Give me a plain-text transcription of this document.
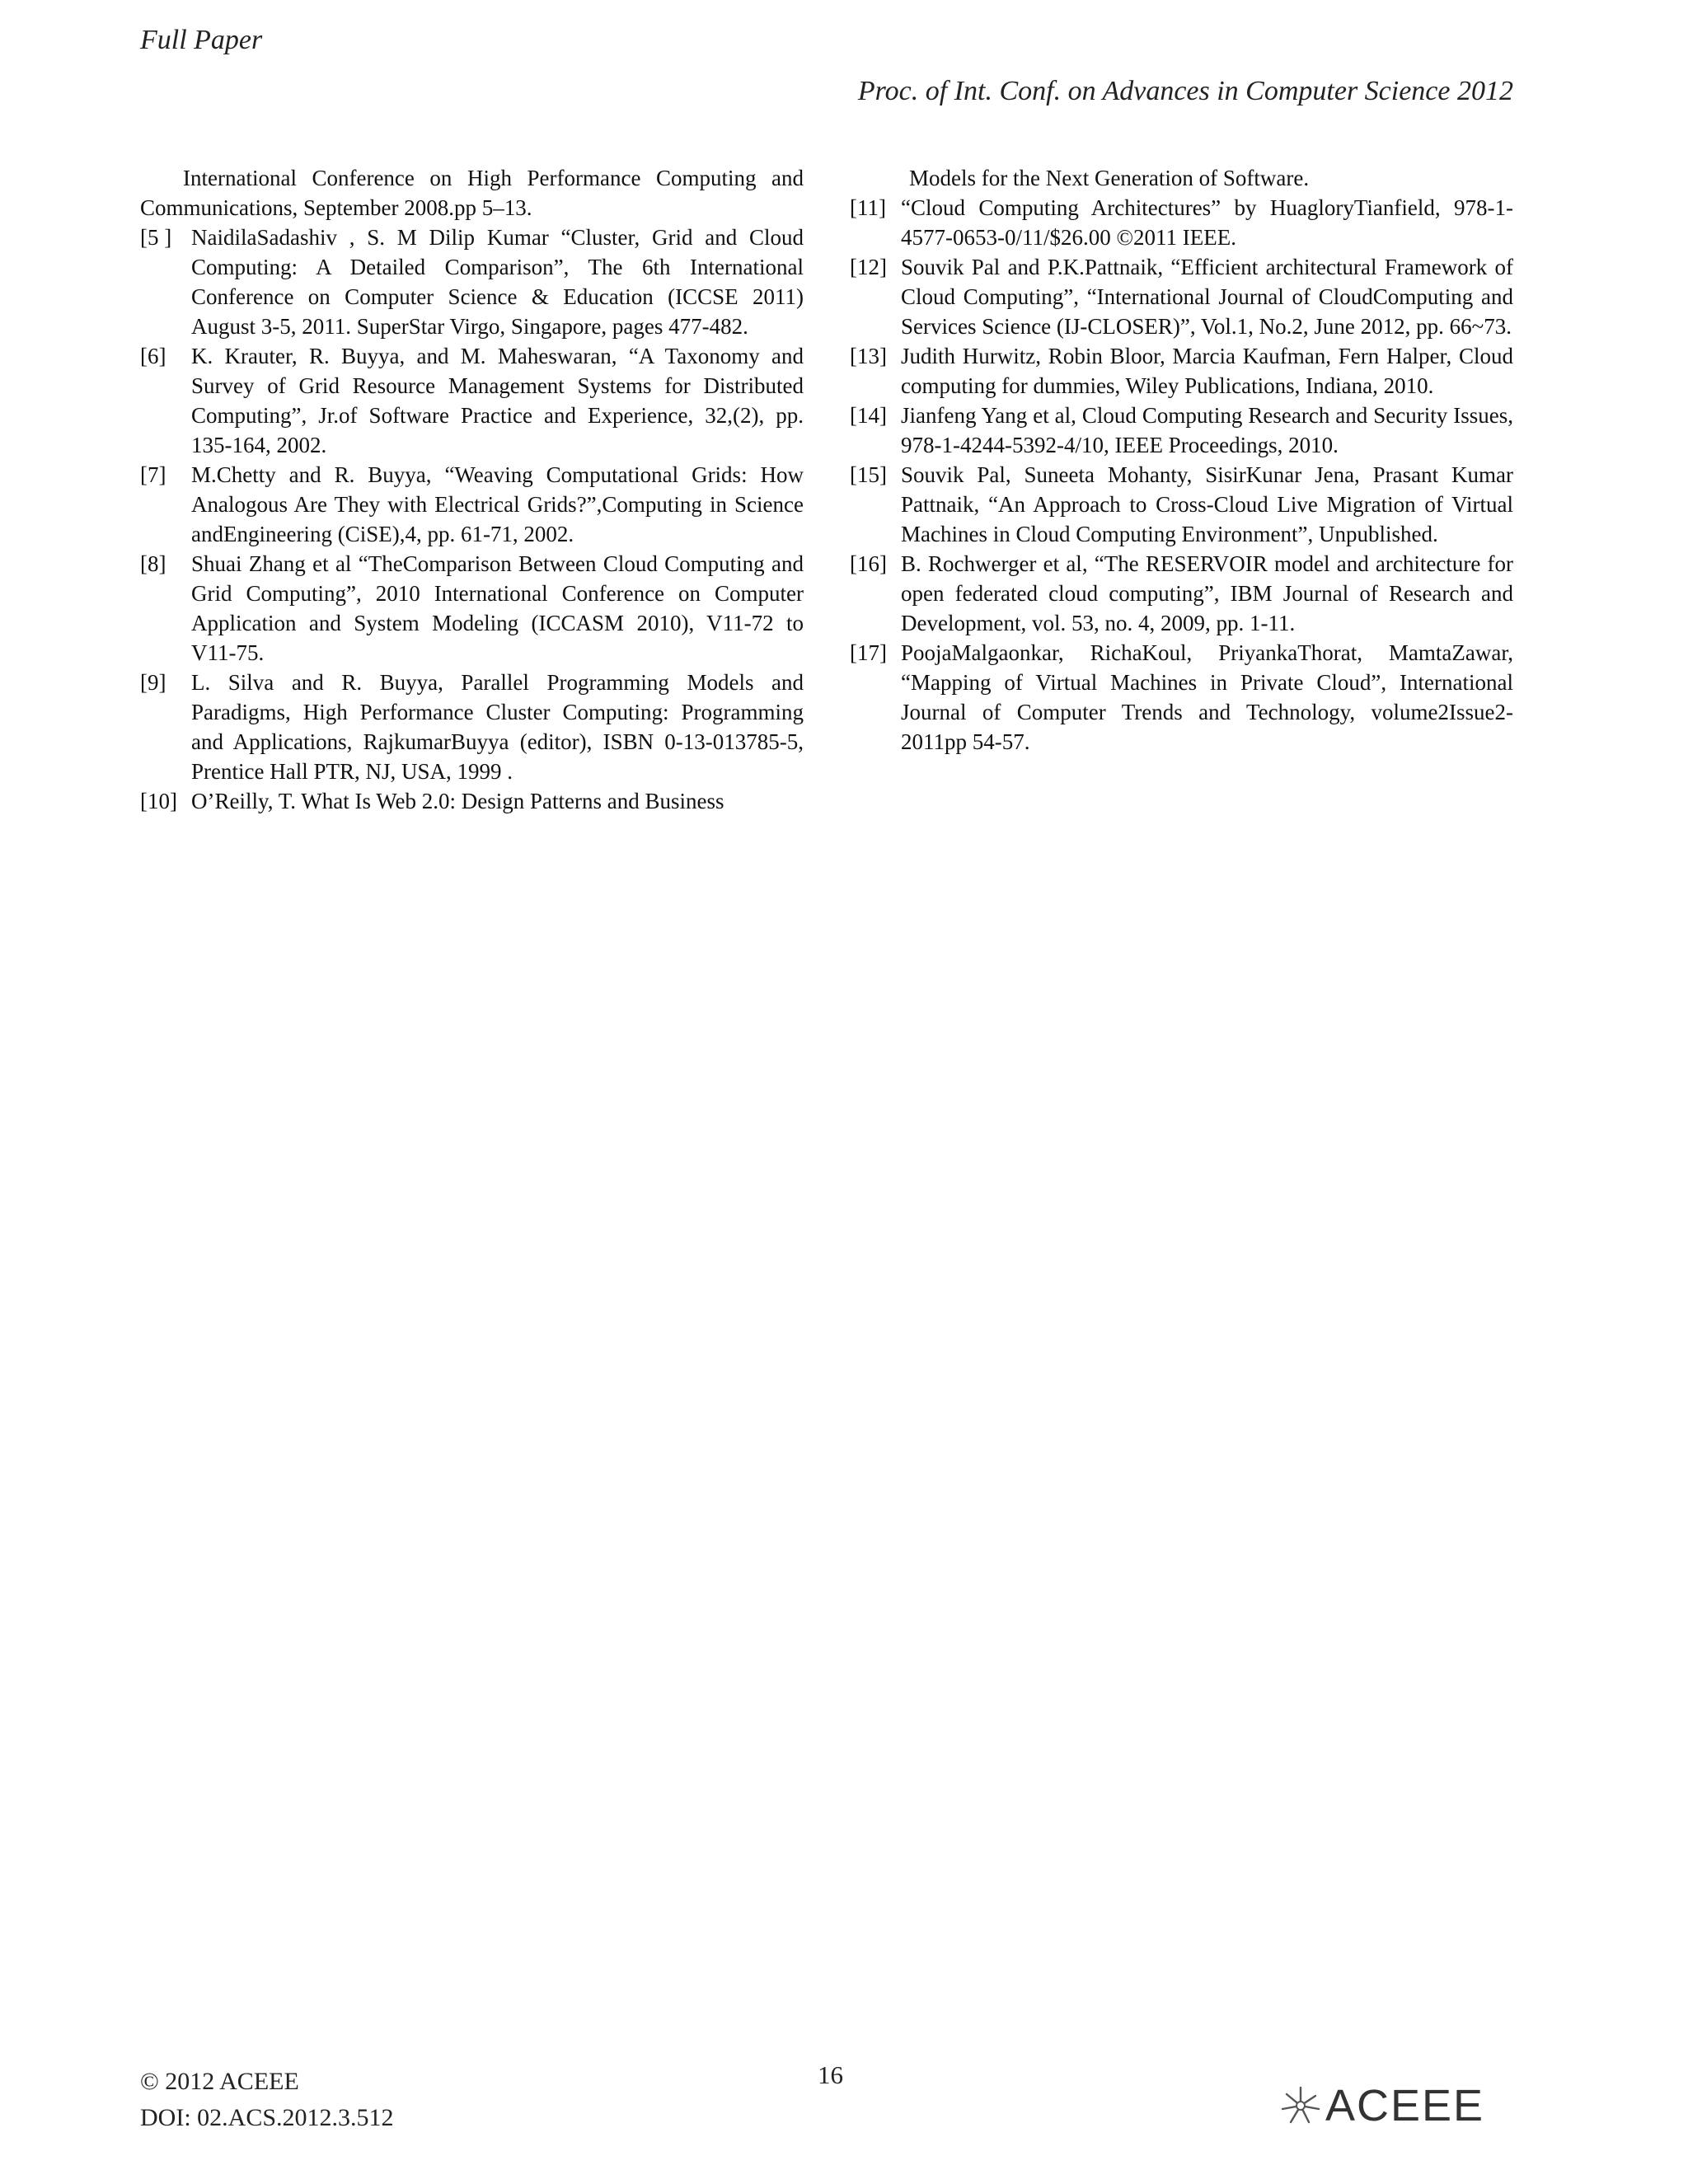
Full Paper
Proc. of Int. Conf. on Advances in Computer Science 2012
International Conference on High Performance Computing and Communications, September 2008.pp 5–13.
[5 ] NaidilaSadashiv , S. M Dilip Kumar “Cluster, Grid and Cloud Computing: A Detailed Comparison”, The 6th International Conference on Computer Science & Education (ICCSE 2011) August 3-5, 2011. SuperStar Virgo, Singapore, pages 477-482.
[6] K. Krauter, R. Buyya, and M. Maheswaran, “A Taxonomy and Survey of Grid Resource Management Systems for Distributed Computing”, Jr.of Software Practice and Experience, 32,(2), pp. 135-164, 2002.
[7] M.Chetty and R. Buyya, “Weaving Computational Grids: How Analogous Are They with Electrical Grids?”,Computing in Science andEngineering (CiSE),4, pp. 61-71, 2002.
[8] Shuai Zhang et al “TheComparison Between Cloud Computing and Grid Computing”, 2010 International Conference on Computer Application and System Modeling (ICCASM 2010), V11-72 to V11-75.
[9] L. Silva and R. Buyya, Parallel Programming Models and Paradigms, High Performance Cluster Computing: Programming and Applications, RajkumarBuyya (editor), ISBN 0-13-013785-5, Prentice Hall PTR, NJ, USA, 1999 .
[10] O’Reilly, T. What Is Web 2.0: Design Patterns and Business
Models for the Next Generation of Software.
[11] “Cloud Computing Architectures” by HuagloryTianfield, 978-1-4577-0653-0/11/$26.00 ©2011 IEEE.
[12] Souvik Pal and P.K.Pattnaik, “Efficient architectural Framework of Cloud Computing”, “International Journal of CloudComputing and Services Science (IJ-CLOSER)”, Vol.1, No.2, June 2012, pp. 66~73.
[13] Judith Hurwitz, Robin Bloor, Marcia Kaufman, Fern Halper, Cloud computing for dummies, Wiley Publications, Indiana, 2010.
[14] Jianfeng Yang et al, Cloud Computing Research and Security Issues, 978-1-4244-5392-4/10, IEEE Proceedings, 2010.
[15] Souvik Pal, Suneeta Mohanty, SisirKunar Jena, Prasant Kumar Pattnaik, “An Approach to Cross-Cloud Live Migration of Virtual Machines in Cloud Computing Environment”, Unpublished.
[16] B. Rochwerger et al, “The RESERVOIR model and architecture for open federated cloud computing”, IBM Journal of Research and Development, vol. 53, no. 4, 2009, pp. 1-11.
[17] PoojaMalgaonkar, RichaKoul, PriyankaThorat, MamtaZawar, “Mapping of Virtual Machines in Private Cloud”, International Journal of Computer Trends and Technology, volume2Issue2-2011pp 54-57.
© 2012 ACEEE
DOI: 02.ACS.2012.3.512
16
ACEEE
